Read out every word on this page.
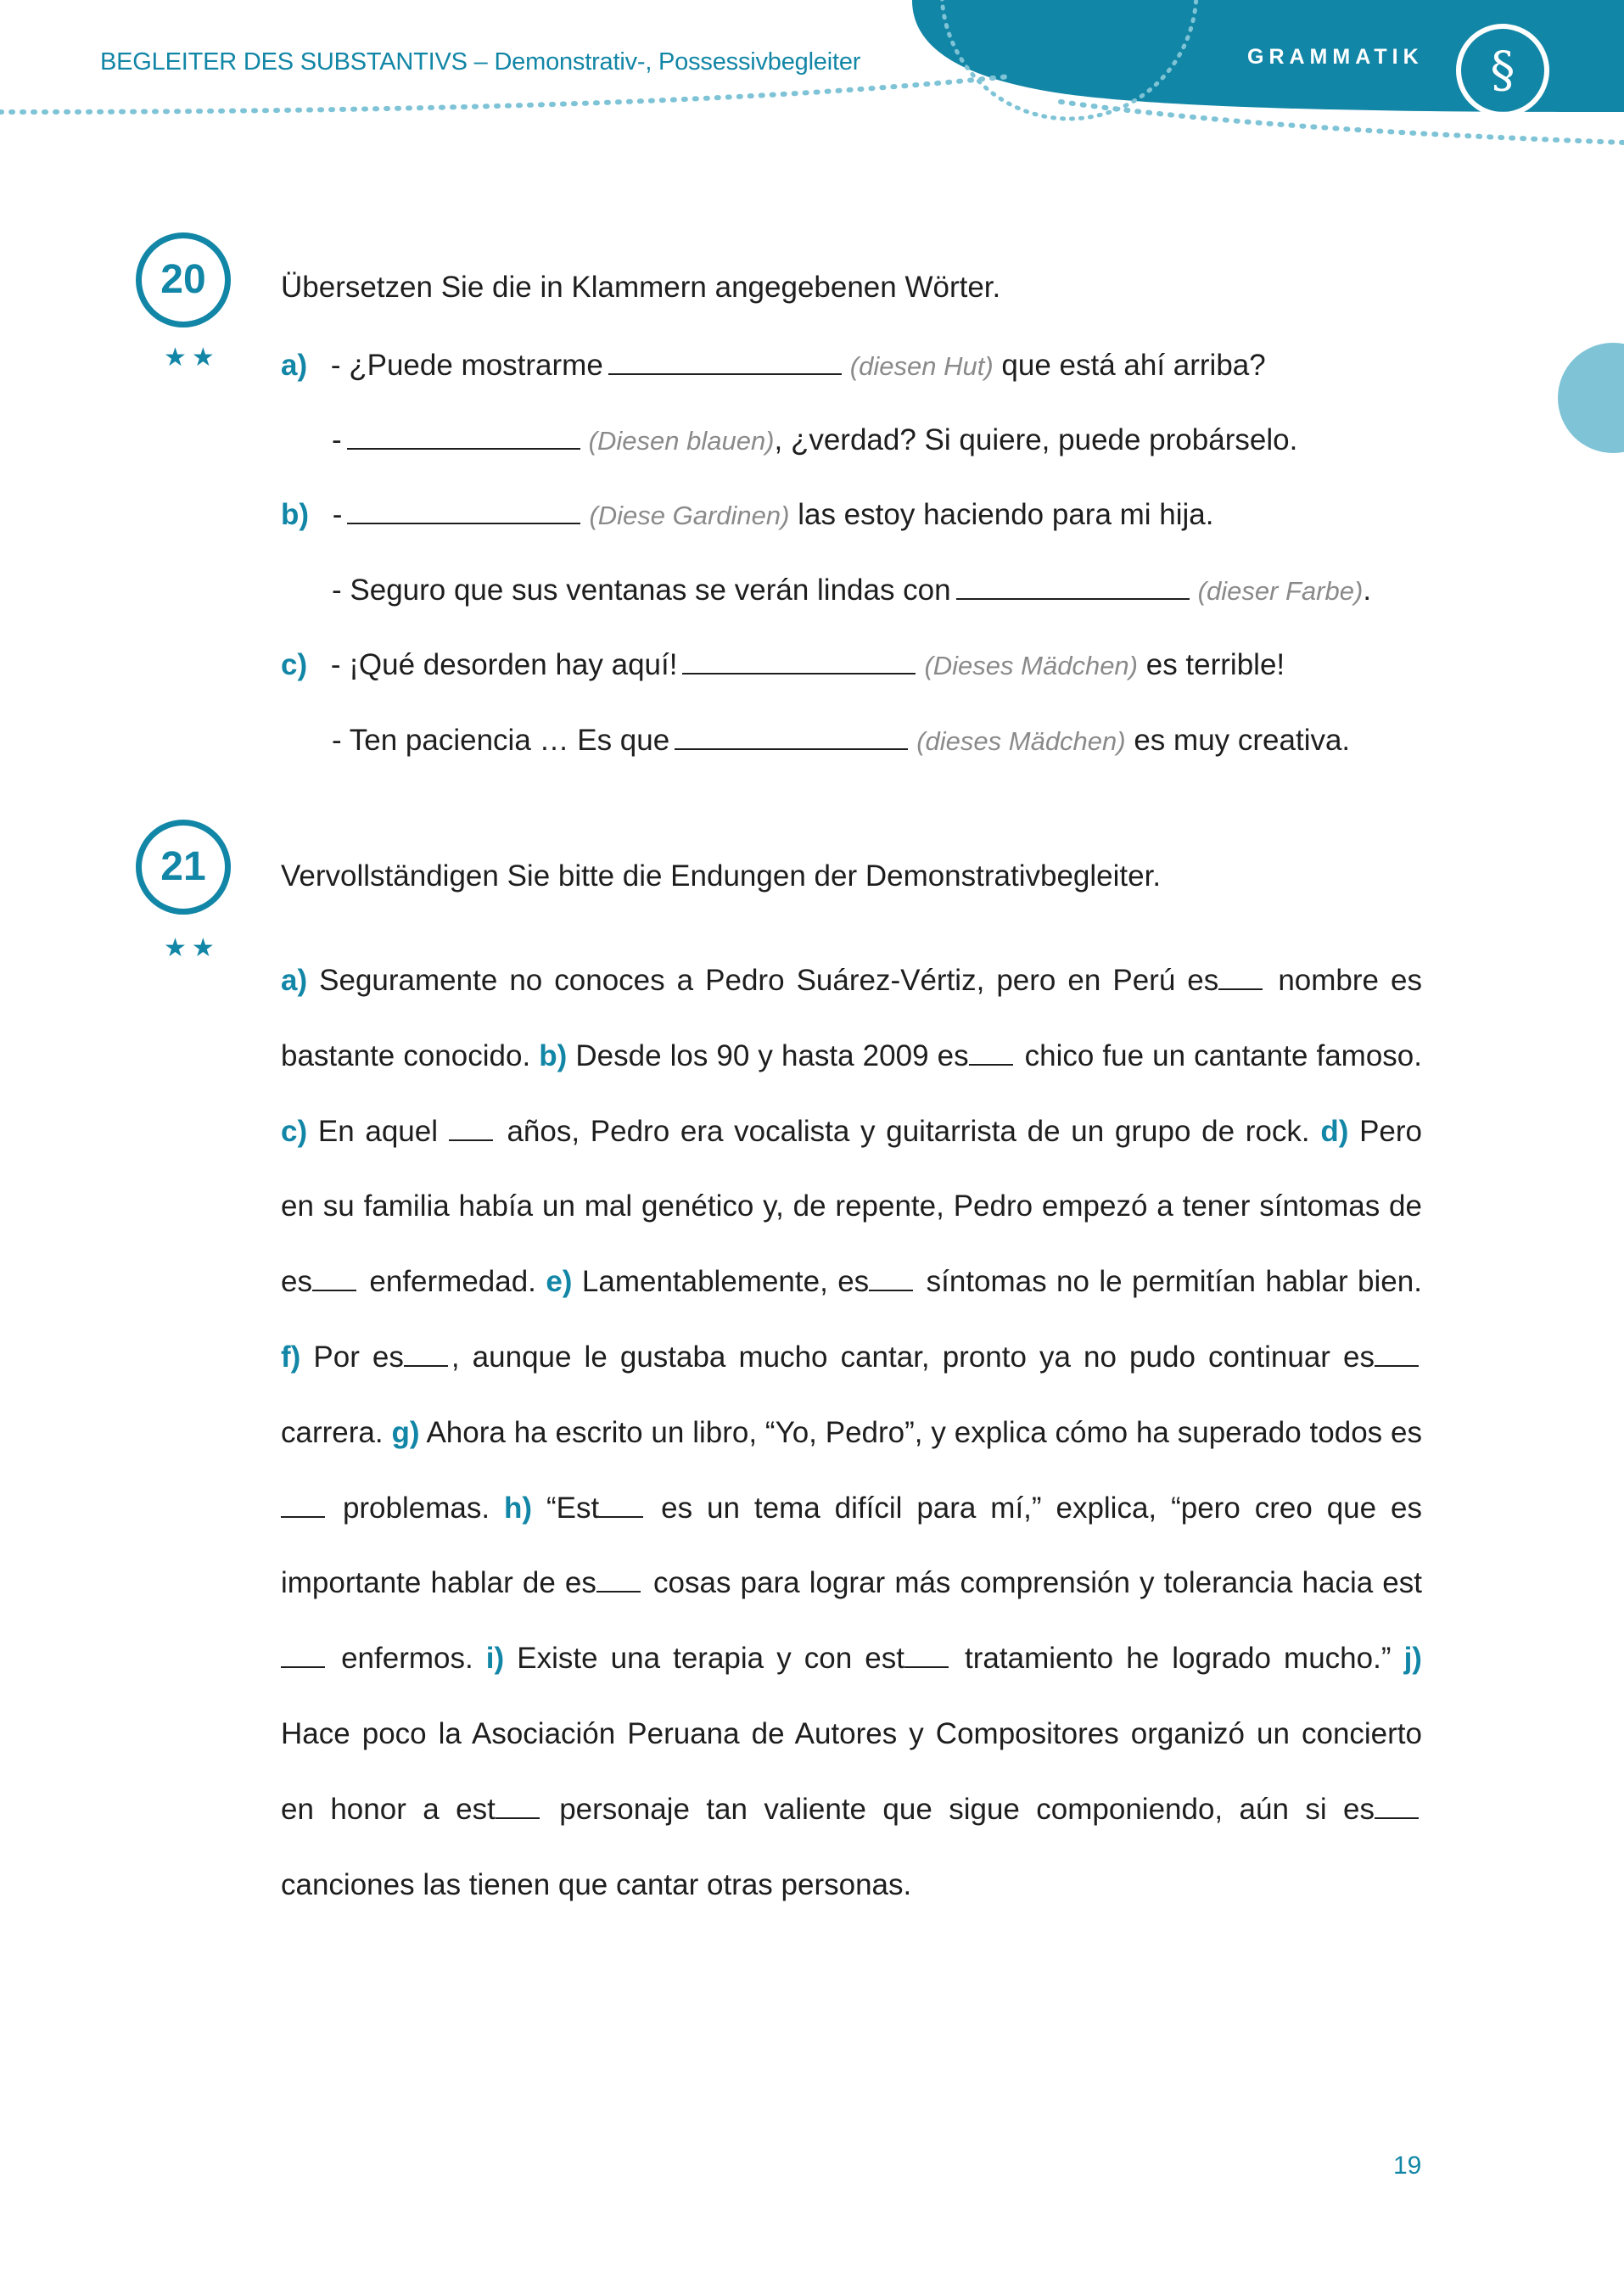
BEGLEITER DES SUBSTANTIVS – Demonstrativ-, Possessivbegleiter	GRAMMATIK	§
20
★★
Übersetzen Sie die in Klammern angegebenen Wörter.
a) - ¿Puede mostrarme	(diesen Hut) que está ahí arriba?
-	(Diesen blauen), ¿verdad? Si quiere, puede probárselo.
b) -	(Diese Gardinen) las estoy haciendo para mi hija.
- Seguro que sus ventanas se verán lindas con	(dieser Farbe).
c) - ¡Qué desorden hay aquí!	(Dieses Mädchen) es terrible!
- Ten paciencia … Es que	(dieses Mädchen) es muy creativa.
21
★★
Vervollständigen Sie bitte die Endungen der Demonstrativbegleiter.
a) Seguramente no conoces a Pedro Suárez-Vértiz, pero en Perú es nombre es bastante conocido. b) Desde los 90 y hasta 2009 es chico fue un cantante famoso. c) En aquel años, Pedro era vocalista y guitarrista de un grupo de rock. d) Pero en su familia había un mal genético y, de repente, Pedro empezó a tener síntomas de es enfermedad. e) Lamentablemente, es síntomas no le permitían hablar bien. f) Por es , aunque le gustaba mucho cantar, pronto ya no pudo continuar es carrera. g) Ahora ha escrito un libro, “Yo, Pedro”, y explica cómo ha superado todos es problemas. h) “Est es un tema difícil para mí,” explica, “pero creo que es importante hablar de es cosas para lograr más comprensión y tolerancia hacia est enfermos. i) Existe una terapia y con est tratamiento he logrado mucho.” j) Hace poco la Asociación Peruana de Autores y Compositores organizó un concierto en honor a est personaje tan valiente que sigue componiendo, aún si es canciones las tienen que cantar otras personas.
19
